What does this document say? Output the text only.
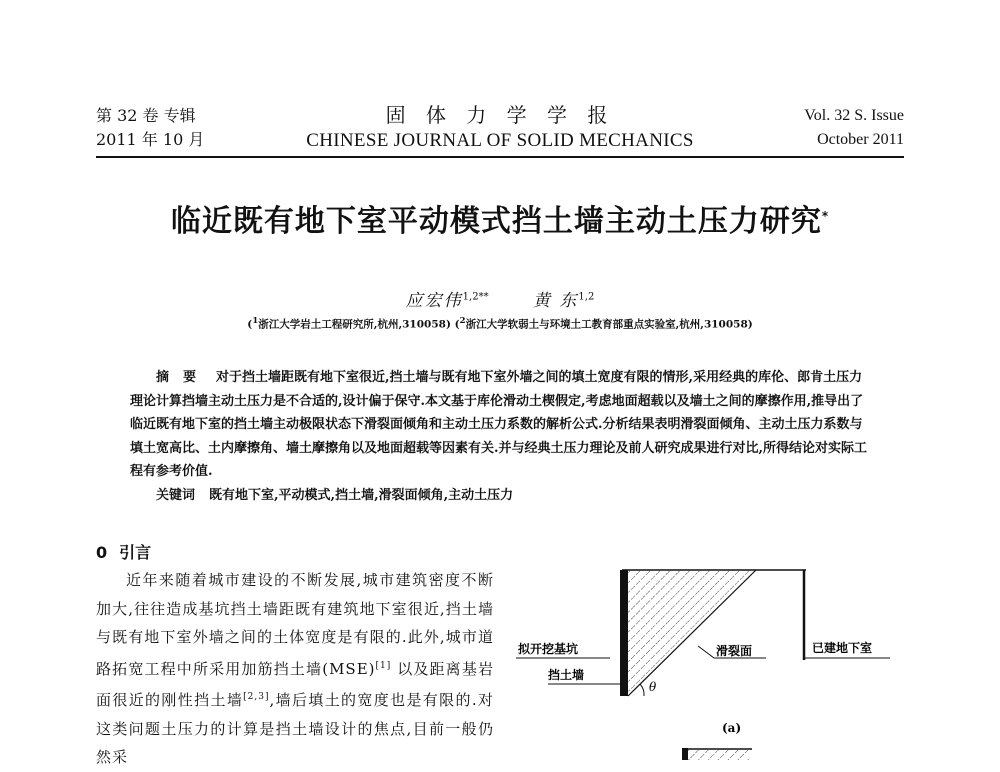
第 32 卷 专辑
2011 年 10 月
固 体 力 学 学 报
CHINESE JOURNAL OF SOLID MECHANICS
Vol. 32 S. Issue
October 2011
临近既有地下室平动模式挡土墙主动土压力研究*
应宏伟$^{1,2**}$	黄 东$^{1,2}$
($^1$浙江大学岩土工程研究所,杭州,310058) ($^2$浙江大学软弱土与环境土工教育部重点实验室,杭州,310058)
摘要 对于挡土墙距既有地下室很近,挡土墙与既有地下室外墙之间的填土宽度有限的情形,采用经典的库伦、郎肯土压力理论计算挡墙主动土压力是不合适的,设计偏于保守.本文基于库伦滑动土楔假定,考虑地面超载以及墙土之间的摩擦作用,推导出了临近既有地下室的挡土墙主动极限状态下滑裂面倾角和主动土压力系数的解析公式.分析结果表明滑裂面倾角、主动土压力系数与填土宽高比、土内摩擦角、墙土摩擦角以及地面超载等因素有关.并与经典土压力理论及前人研究成果进行对比,所得结论对实际工程有参考价值.
关键词 既有地下室,平动模式,挡土墙,滑裂面倾角,主动土压力
0 引言

近年来随着城市建设的不断发展,城市建筑密度不断加大,往往造成基坑挡土墙距既有建筑地下室很近,挡土墙与既有地下室外墙之间的土体宽度是有限的.此外,城市道路拓宽工程中所采用加筋挡土墙(MSE)[1] 以及距离基岩面很近的刚性挡土墙[2,3],墙后填土的宽度也是有限的.对这类问题土压力的计算是挡土墙设计的焦点,目前一般仍然采

θ
拟开挖基坑
挡土墙
滑裂面	已建地下室
(a)
